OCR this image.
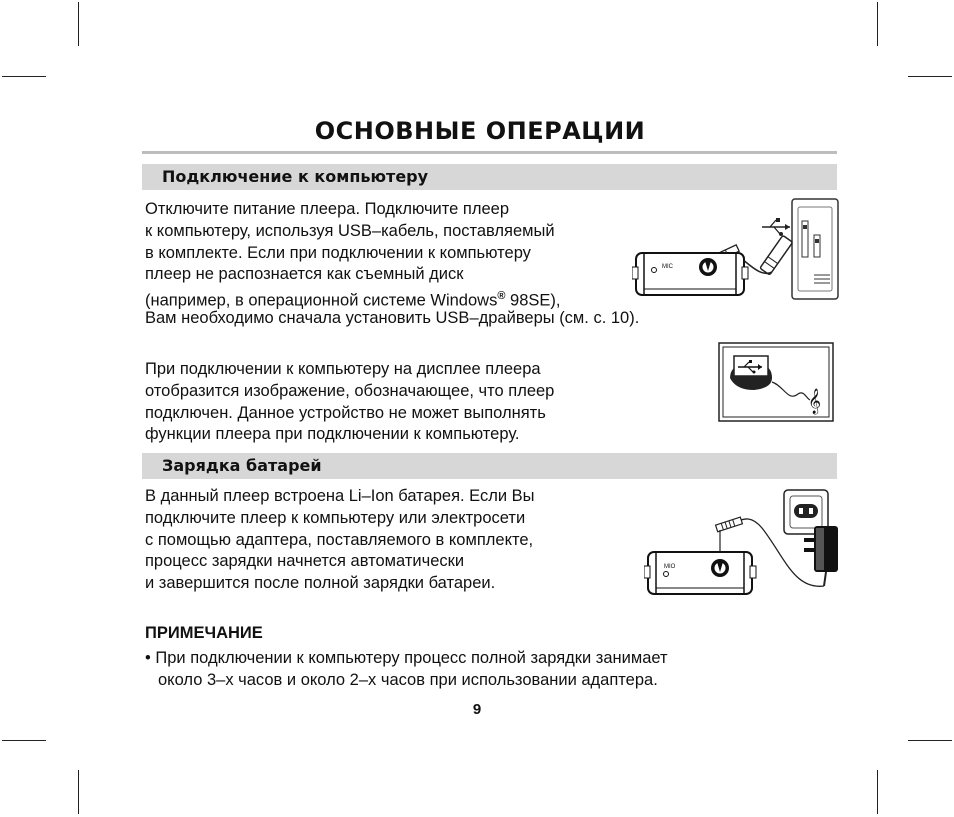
ОСНОВНЫЕ ОПЕРАЦИИ
Подключение к компьютеру
Отключите питание плеера. Подключите плеер
к компьютеру, используя USB–кабель, поставляемый
в комплекте. Если при подключении к компьютеру
плеер не распознается как съемный диск
(например, в операционной системе Windows® 98SE),
Вам необходимо сначала установить USB–драйверы (см. с. 10).
При подключении к компьютеру на дисплее плеера
отобразится изображение, обозначающее, что плеер
подключен. Данное устройство не может выполнять
функции плеера при подключении к компьютеру.
MIC
𝄞
Зарядка батарей
В данный плеер встроена Li–Ion батарея. Если Вы
подключите плеер к компьютеру или электросети
с помощью адаптера, поставляемого в комплекте,
процесс зарядки начнется автоматически
и завершится после полной зарядки батареи.
MIO
ПРИМЕЧАНИЕ
• При подключении к компьютеру процесс полной зарядки занимает
около 3–х часов и около 2–х часов при использовании адаптера.
9
